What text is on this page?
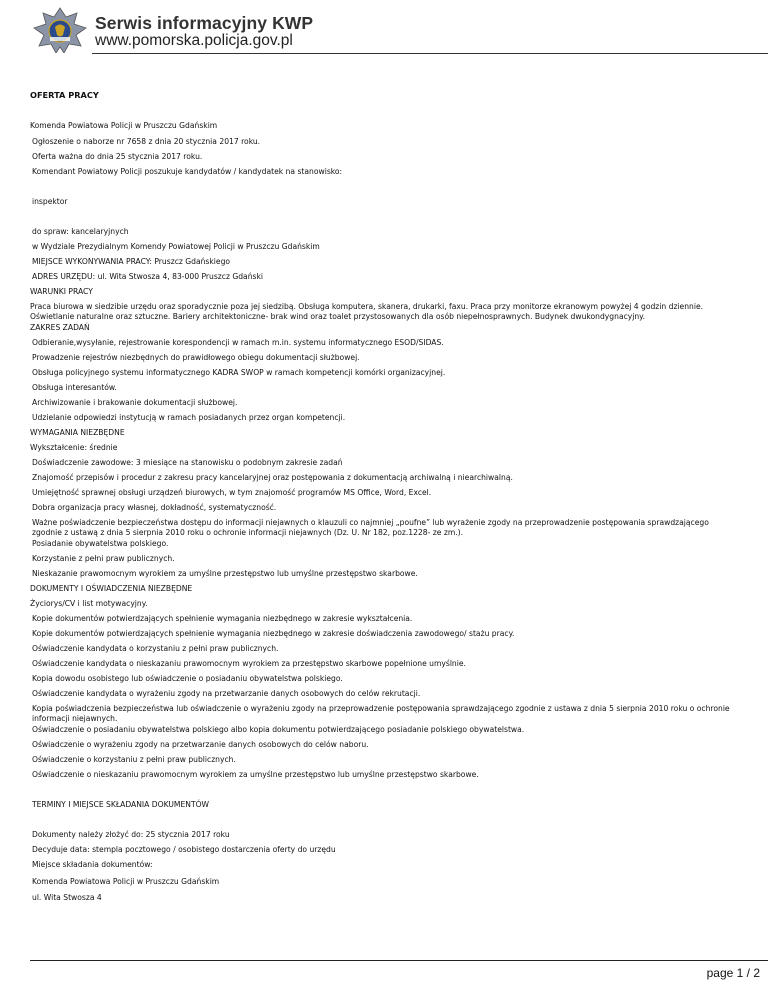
Serwis informacyjny KWP
www.pomorska.policja.gov.pl
OFERTA PRACY
Komenda Powiatowa Policji w Pruszczu Gdańskim
Ogłoszenie o naborze nr 7658 z dnia 20 stycznia 2017 roku.
Oferta ważna do dnia 25 stycznia 2017 roku.
Komendant Powiatowy Policji poszukuje kandydatów / kandydatek na stanowisko:
inspektor
do spraw: kancelaryjnych
w Wydziale Prezydialnym Komendy Powiatowej Policji w Pruszczu Gdańskim
MIEJSCE WYKONYWANIA PRACY: Pruszcz Gdańskiego
ADRES URZĘDU: ul. Wita Stwosza 4, 83-000 Pruszcz Gdański
WARUNKI PRACY
Praca biurowa w siedzibie urzędu oraz sporadycznie poza jej siedzibą. Obsługa komputera, skanera, drukarki, faxu. Praca przy monitorze ekranowym powyżej 4 godzin dziennie. Oświetlanie naturalne oraz sztuczne. Bariery architektoniczne- brak wind oraz toalet przystosowanych dla osób niepełnosprawnych. Budynek dwukondygnacyjny.
ZAKRES ZADAŃ
Odbieranie,wysyłanie, rejestrowanie korespondencji w ramach m.in. systemu informatycznego ESOD/SIDAS.
Prowadzenie rejestrów niezbędnych do prawidłowego obiegu dokumentacji służbowej.
Obsługa policyjnego systemu informatycznego KADRA SWOP w ramach kompetencji komórki organizacyjnej.
Obsługa interesantów.
Archiwizowanie i brakowanie dokumentacji służbowej.
Udzielanie odpowiedzi instytucją w ramach posiadanych przez organ kompetencji.
WYMAGANIA NIEZBĘDNE
Wykształcenie: średnie
Doświadczenie zawodowe: 3 miesiące na stanowisku o podobnym zakresie zadań
Znajomość przepisów i procedur z zakresu pracy kancelaryjnej oraz postępowania z dokumentacją archiwalną i niearchiwalną.
Umiejętność sprawnej obsługi urządzeń biurowych, w tym znajomość programów MS Office, Word, Excel.
Dobra organizacja pracy własnej, dokładność, systematyczność.
Ważne poświadczenie bezpieczeństwa dostępu do informacji niejawnych o klauzuli co najmniej „poufne” lub wyrażenie zgody na przeprowadzenie postępowania sprawdzającego zgodnie z ustawą z dnia 5 sierpnia 2010 roku o ochronie informacji niejawnych (Dz. U. Nr 182, poz.1228- ze zm.).
Posiadanie obywatelstwa polskiego.
Korzystanie z pełni praw publicznych.
Nieskazanie prawomocnym wyrokiem za umyślne przestępstwo lub umyślne przestępstwo skarbowe.
DOKUMENTY I OŚWIADCZENIA NIEZBĘDNE
Życiorys/CV i list motywacyjny.
Kopie dokumentów potwierdzających spełnienie wymagania niezbędnego w zakresie wykształcenia.
Kopie dokumentów potwierdzających spełnienie wymagania niezbędnego w zakresie doświadczenia zawodowego/ stażu pracy.
Oświadczenie kandydata o korzystaniu z pełni praw publicznych.
Oświadczenie kandydata o nieskazaniu prawomocnym wyrokiem za przestępstwo skarbowe popełnione umyślnie.
Kopia dowodu osobistego lub oświadczenie o posiadaniu obywatelstwa polskiego.
Oświadczenie kandydata o wyrażeniu zgody na przetwarzanie danych osobowych do celów rekrutacji.
Kopia poświadczenia bezpieczeństwa lub oświadczenie o wyrażeniu zgody na przeprowadzenie postępowania sprawdzającego zgodnie z ustawa z dnia 5 sierpnia 2010 roku o ochronie informacji niejawnych.
Oświadczenie o posiadaniu obywatelstwa polskiego albo kopia dokumentu potwierdzającego posiadanie polskiego obywatelstwa.
Oświadczenie o wyrażeniu zgody na przetwarzanie danych osobowych do celów naboru.
Oświadczenie o korzystaniu z pełni praw publicznych.
Oświadczenie o nieskazaniu prawomocnym wyrokiem za umyślne przestępstwo lub umyślne przestępstwo skarbowe.
TERMINY I MIEJSCE SKŁADANIA DOKUMENTÓW
Dokumenty należy złożyć do: 25 stycznia 2017 roku
Decyduje data: stempla pocztowego / osobistego dostarczenia oferty do urzędu
Miejsce składania dokumentów:
Komenda Powiatowa Policji w Pruszczu Gdańskim
ul. Wita Stwosza 4
page 1 / 2
